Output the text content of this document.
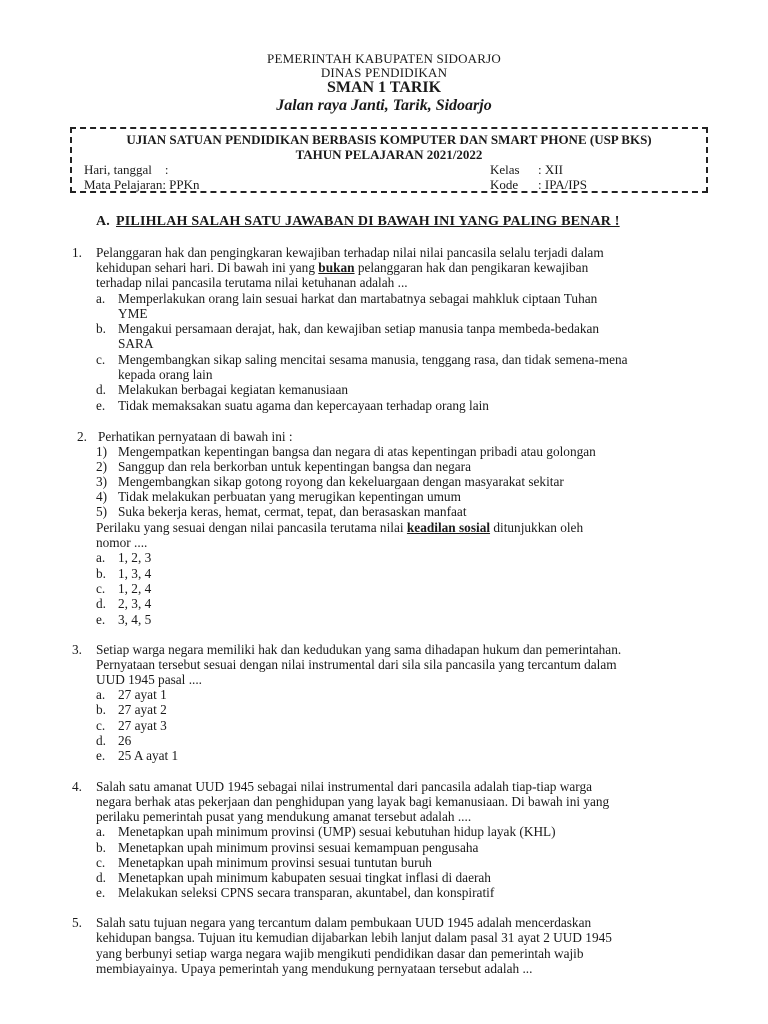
PEMERINTAH KABUPATEN SIDOARJO
DINAS PENDIDIKAN
SMAN 1 TARIK
Jalan raya Janti, Tarik, Sidoarjo
UJIAN SATUAN PENDIDIKAN BERBASIS KOMPUTER DAN SMART PHONE (USP BKS)
TAHUN PELAJARAN 2021/2022
Hari, tanggal :
Mata Pelajaran: PPKn
Kelas : XII
Kode : IPA/IPS
A. PILIHLAH SALAH SATU JAWABAN DI BAWAH INI YANG PALING BENAR !
1. Pelanggaran hak dan pengingkaran kewajiban terhadap nilai nilai pancasila selalu terjadi dalam
kehidupan sehari hari. Di bawah ini yang bukan pelanggaran hak dan pengikaran kewajiban
terhadap nilai pancasila terutama nilai ketuhanan adalah ...
a. Memperlakukan orang lain sesuai harkat dan martabatnya sebagai mahkluk ciptaan Tuhan
YME
b. Mengakui persamaan derajat, hak, dan kewajiban setiap manusia tanpa membeda-bedakan
SARA
c. Mengembangkan sikap saling mencitai sesama manusia, tenggang rasa, dan tidak semena-mena
kepada orang lain
d. Melakukan berbagai kegiatan kemanusiaan
e. Tidak memaksakan suatu agama dan kepercayaan terhadap orang lain
2. Perhatikan pernyataan di bawah ini :
1) Mengempatkan kepentingan bangsa dan negara di atas kepentingan pribadi atau golongan
2) Sanggup dan rela berkorban untuk kepentingan bangsa dan negara
3) Mengembangkan sikap gotong royong dan kekeluargaan dengan masyarakat sekitar
4) Tidak melakukan perbuatan yang merugikan kepentingan umum
5) Suka bekerja keras, hemat, cermat, tepat, dan berasaskan manfaat
Perilaku yang sesuai dengan nilai pancasila terutama nilai keadilan sosial ditunjukkan oleh
nomor ....
a. 1, 2, 3
b. 1, 3, 4
c. 1, 2, 4
d. 2, 3, 4
e. 3, 4, 5
3. Setiap warga negara memiliki hak dan kedudukan yang sama dihadapan hukum dan pemerintahan.
Pernyataan tersebut sesuai dengan nilai instrumental dari sila sila pancasila yang tercantum dalam
UUD 1945 pasal ....
a. 27 ayat 1
b. 27 ayat 2
c. 27 ayat 3
d. 26
e. 25 A ayat 1
4. Salah satu amanat UUD 1945 sebagai nilai instrumental dari pancasila adalah tiap-tiap warga
negara berhak atas pekerjaan dan penghidupan yang layak bagi kemanusiaan. Di bawah ini yang
perilaku pemerintah pusat yang mendukung amanat tersebut adalah ....
a. Menetapkan upah minimum provinsi (UMP) sesuai kebutuhan hidup layak (KHL)
b. Menetapkan upah minimum provinsi sesuai kemampuan pengusaha
c. Menetapkan upah minimum provinsi sesuai tuntutan buruh
d. Menetapkan upah minimum kabupaten sesuai tingkat inflasi di daerah
e. Melakukan seleksi CPNS secara transparan, akuntabel, dan konspiratif
5. Salah satu tujuan negara yang tercantum dalam pembukaan UUD 1945 adalah mencerdaskan
kehidupan bangsa. Tujuan itu kemudian dijabarkan lebih lanjut dalam pasal 31 ayat 2 UUD 1945
yang berbunyi setiap warga negara wajib mengikuti pendidikan dasar dan pemerintah wajib
membiayainya. Upaya pemerintah yang mendukung pernyataan tersebut adalah ...
